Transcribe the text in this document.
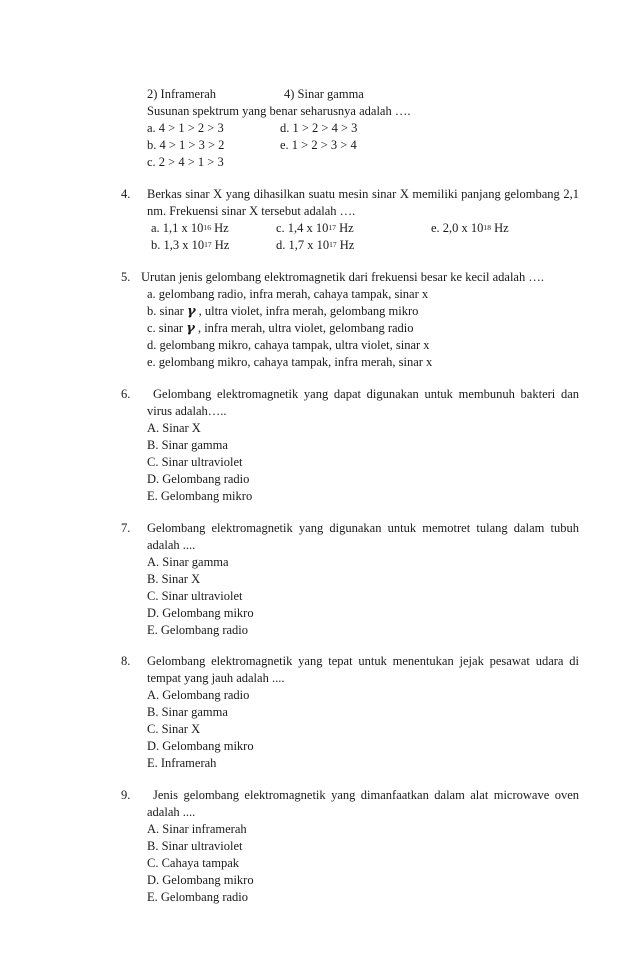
2) Inframerah	4) Sinar gamma
Susunan spektrum yang benar seharusnya adalah ….
a. 4 > 1 > 2 > 3	d. 1 > 2 > 4 > 3
b. 4 > 1 > 3 > 2	e. 1 > 2 > 3 > 4
c. 2 > 4 > 1 > 3
4. Berkas sinar X yang dihasilkan suatu mesin sinar X memiliki panjang gelombang 2,1
nm. Frekuensi sinar X tersebut adalah ….
a. 1,1 x $10^{16}$ Hz	c. 1,4 x $10^{17}$ Hz	e. 2,0 x $10^{18}$ Hz
b. 1,3 x $10^{17}$ Hz	d. 1,7 x $10^{17}$ Hz
5. Urutan jenis gelombang elektromagnetik dari frekuensi besar ke kecil adalah ….
a. gelombang radio, infra merah, cahaya tampak, sinar x
b. sinar γ , ultra violet, infra merah, gelombang mikro
c. sinar γ , infra merah, ultra violet, gelombang radio
d. gelombang mikro, cahaya tampak, ultra violet, sinar x
e. gelombang mikro, cahaya tampak, infra merah, sinar x
6. Gelombang elektromagnetik yang dapat digunakan untuk membunuh bakteri dan
virus adalah…..
A. Sinar X
B. Sinar gamma
C. Sinar ultraviolet
D. Gelombang radio
E. Gelombang mikro
7. Gelombang elektromagnetik yang digunakan untuk memotret tulang dalam tubuh
adalah ....
A. Sinar gamma
B. Sinar X
C. Sinar ultraviolet
D. Gelombang mikro
E. Gelombang radio
8. Gelombang elektromagnetik yang tepat untuk menentukan jejak pesawat udara di
tempat yang jauh adalah ....
A. Gelombang radio
B. Sinar gamma
C. Sinar X
D. Gelombang mikro
E. Inframerah
9. Jenis gelombang elektromagnetik yang dimanfaatkan dalam alat microwave oven
adalah ....
A. Sinar inframerah
B. Sinar ultraviolet
C. Cahaya tampak
D. Gelombang mikro
E. Gelombang radio
